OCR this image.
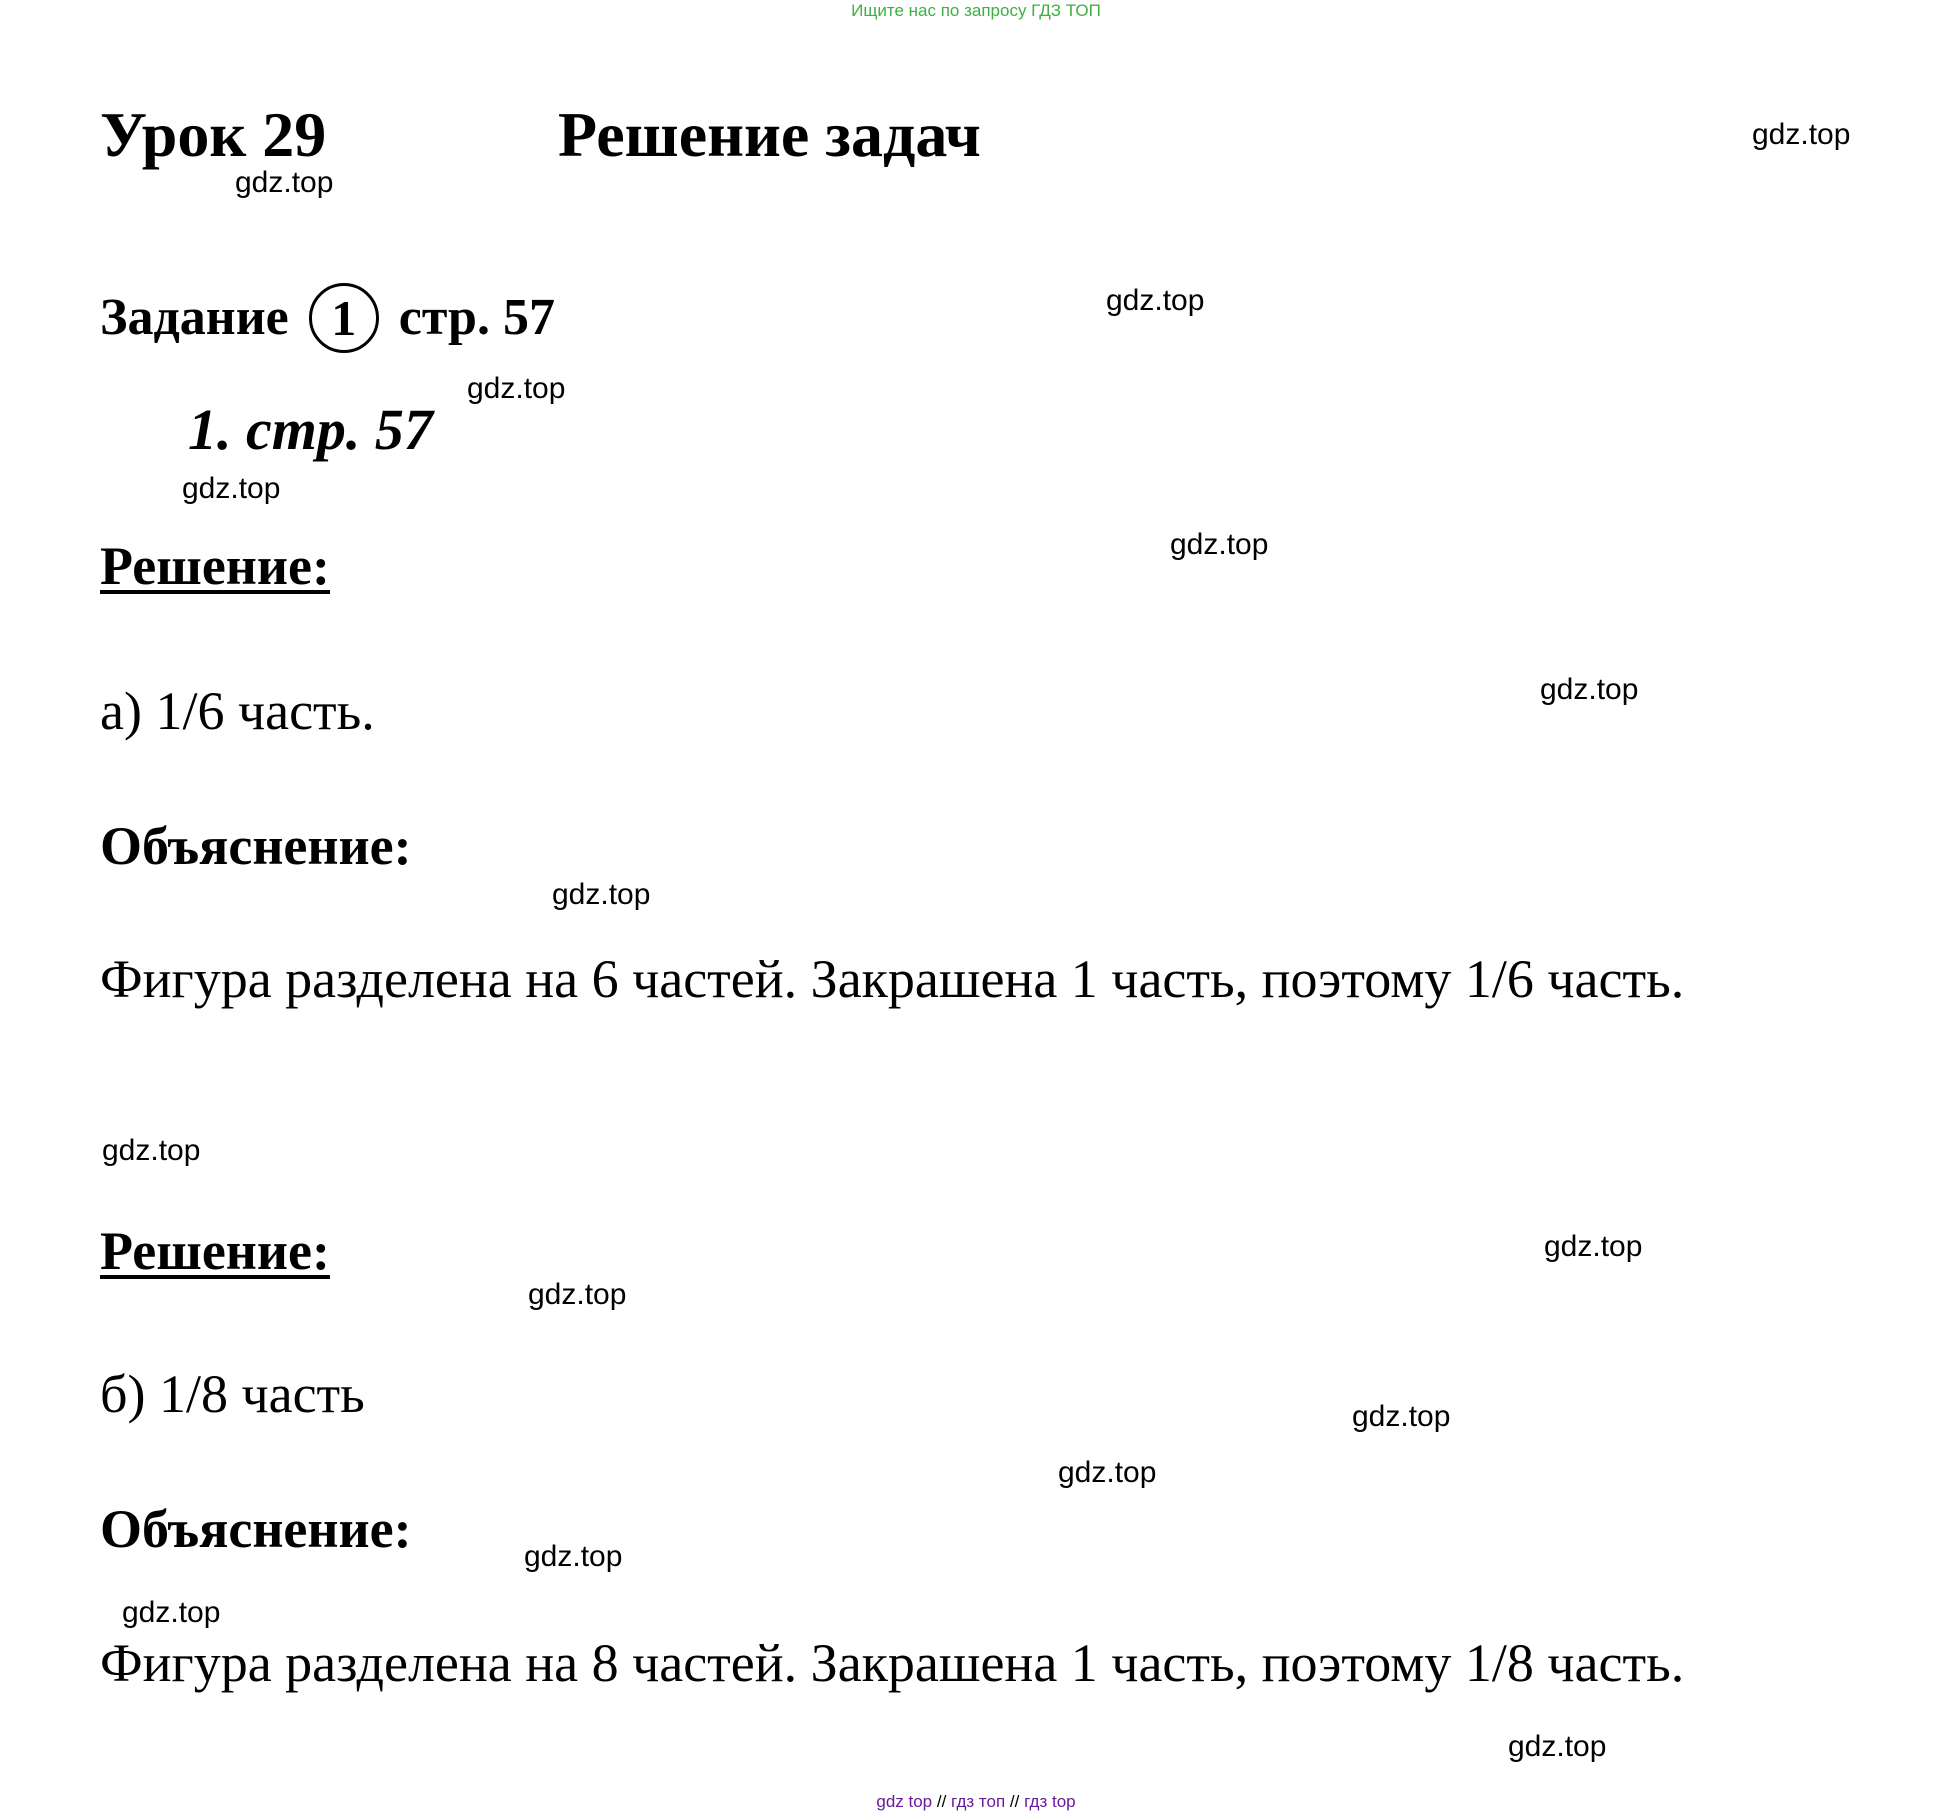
Ищите нас по запросу ГДЗ ТОП
Урок 29	Решение задач
Задание 1 стр. 57
1. стр. 57
Решение:
а) 1/6 часть.
Объяснение:
Фигура разделена на 6 частей. Закрашена 1 часть, поэтому 1/6 часть.
Решение:
б) 1/8 часть
Объяснение:
Фигура разделена на 8 частей. Закрашена 1 часть, поэтому 1/8 часть.
gdz.top
gdz.top
gdz.top
gdz.top
gdz.top
gdz.top
gdz.top
gdz.top
gdz.top
gdz.top
gdz.top
gdz.top
gdz.top
gdz.top
gdz.top
gdz.top
gdz top // гдз топ // гдз top
